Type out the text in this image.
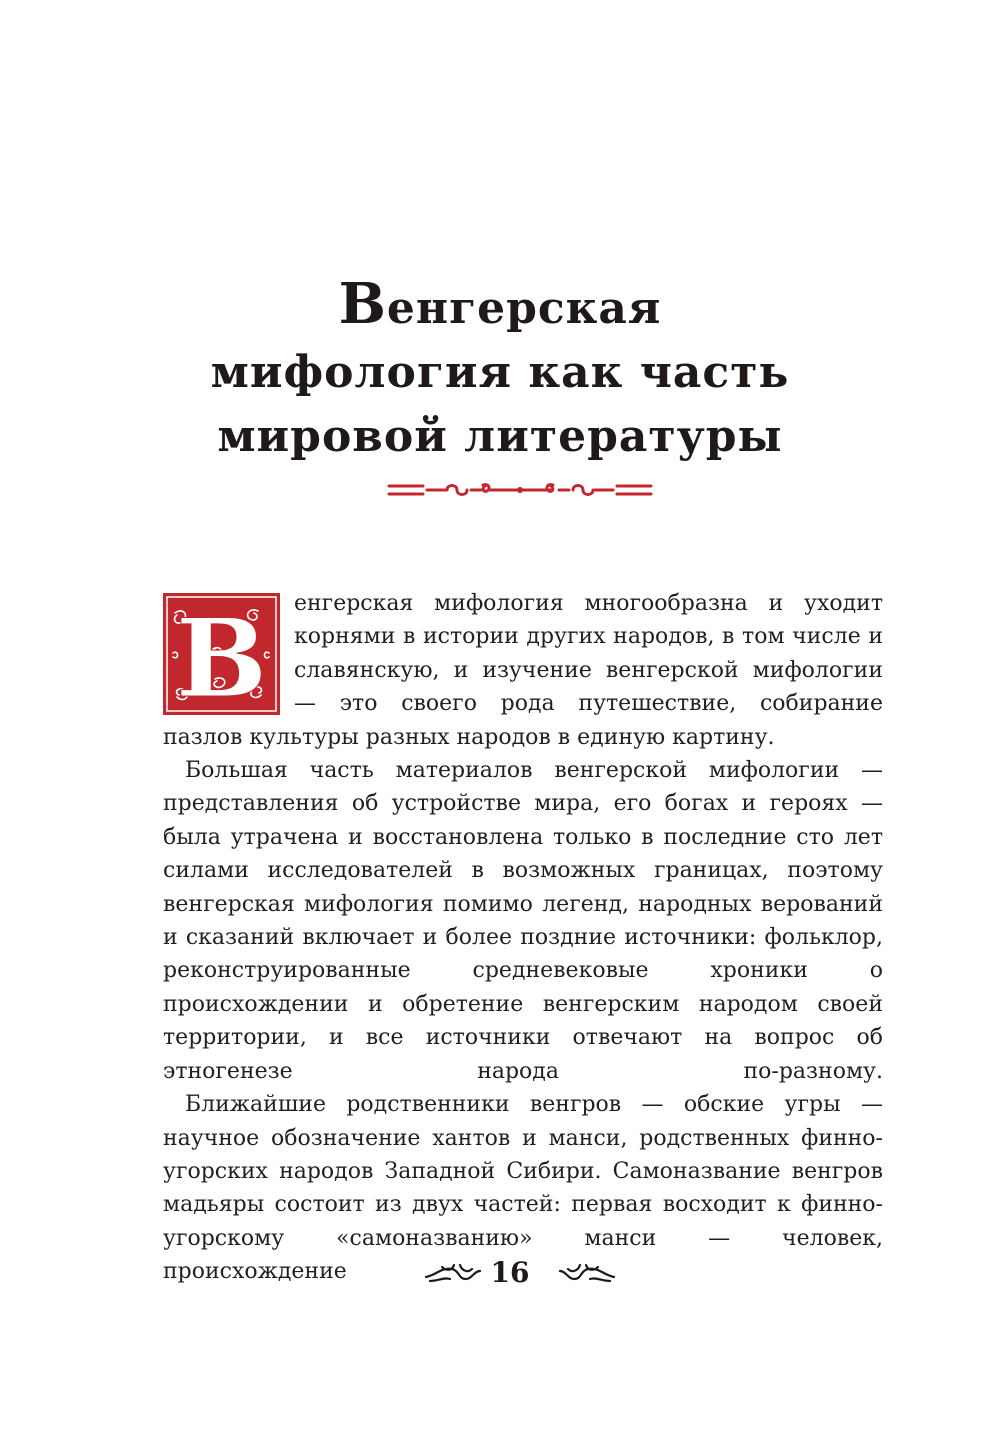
Венгерская
мифология как часть
мировой литературы
В	енгерская мифология многообразна и уходит корнями в истории других народов, в том числе и славянскую, и изучение венгерской мифологии — это своего рода путешествие, собирание пазлов культуры разных народов в единую картину.

Большая часть материалов венгерской мифологии — представления об устройстве мира, его богах и героях — была утрачена и восстановлена только в последние сто лет силами исследователей в возможных границах, поэтому венгерская мифология помимо легенд, народных верований и сказаний включает и более поздние источники: фольклор, реконструированные средневековые хроники о происхождении и обретение венгерским народом своей территории, и все источники отвечают на вопрос об этногенезе народа по-разному.

Ближайшие родственники венгров — обские угры — научное обозначение хантов и манси, родственных финно-угорских народов Западной Сибири. Самоназвание венгров мадьяры состоит из двух частей: первая восходит к финно-угорскому «самоназванию» манси — человек, происхождение	16
